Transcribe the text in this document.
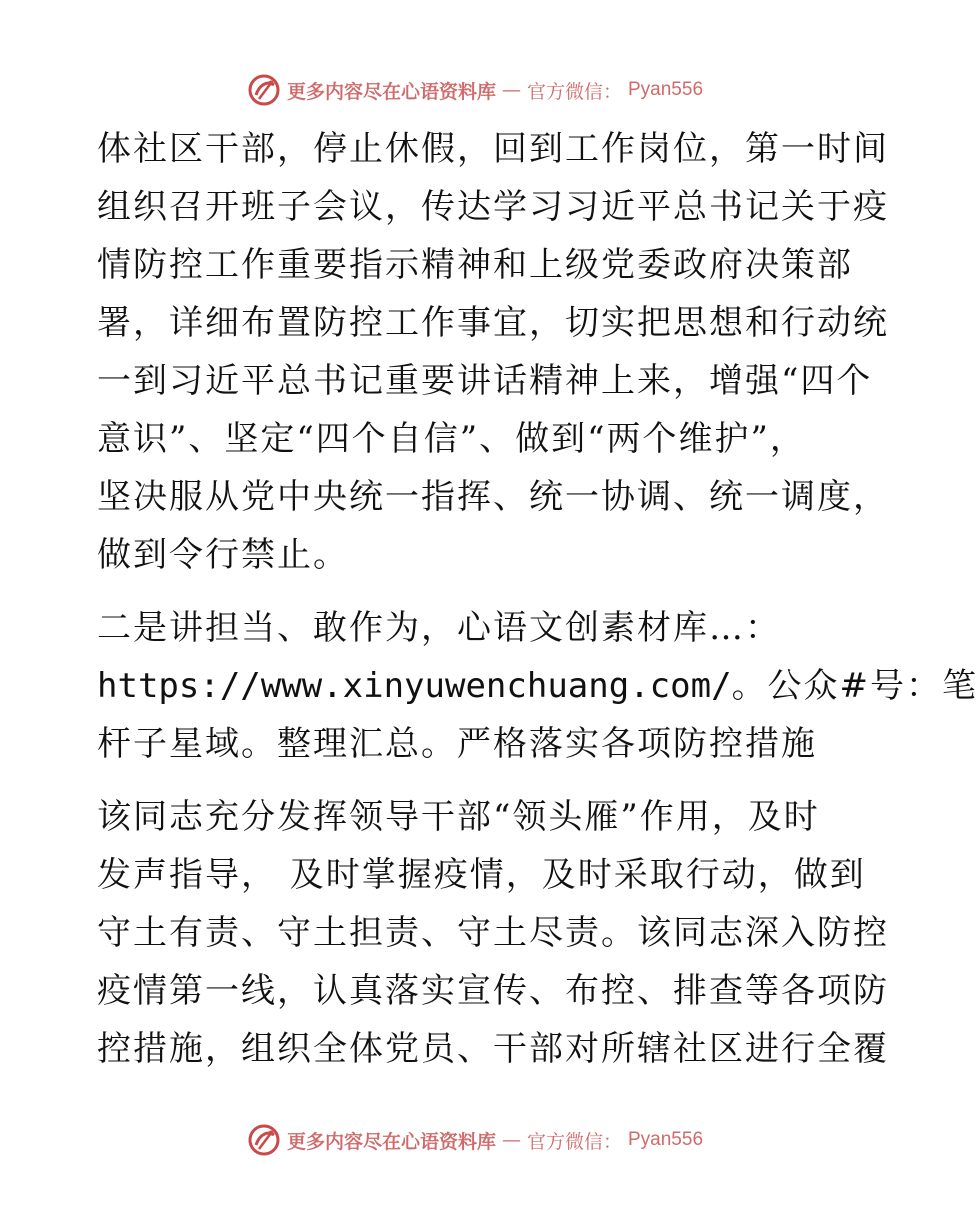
更多内容尽在心语资料库 — 官方微信： Pyan556
体社区干部，停止休假，回到工作岗位，第一时间
组织召开班子会议，传达学习习近平总书记关于疫
情防控工作重要指示精神和上级党委政府决策部
署，详细布置防控工作事宜，切实把思想和行动统
一到习近平总书记重要讲话精神上来，增强“四个
意识”、坚定“四个自信”、做到“两个维护”，
坚决服从党中央统一指挥、统一协调、统一调度，
做到令行禁止。
二是讲担当、敢作为，心语文创素材库…：
https://www.xinyuwenchuang.com/。公众#号：笔
杆子星域。整理汇总。严格落实各项防控措施
该同志充分发挥领导干部“领头雁”作用，及时
发声指导， 及时掌握疫情，及时采取行动，做到
守土有责、守土担责、守土尽责。该同志深入防控
疫情第一线，认真落实宣传、布控、排查等各项防
控措施，组织全体党员、干部对所辖社区进行全覆
更多内容尽在心语资料库 — 官方微信： Pyan556
